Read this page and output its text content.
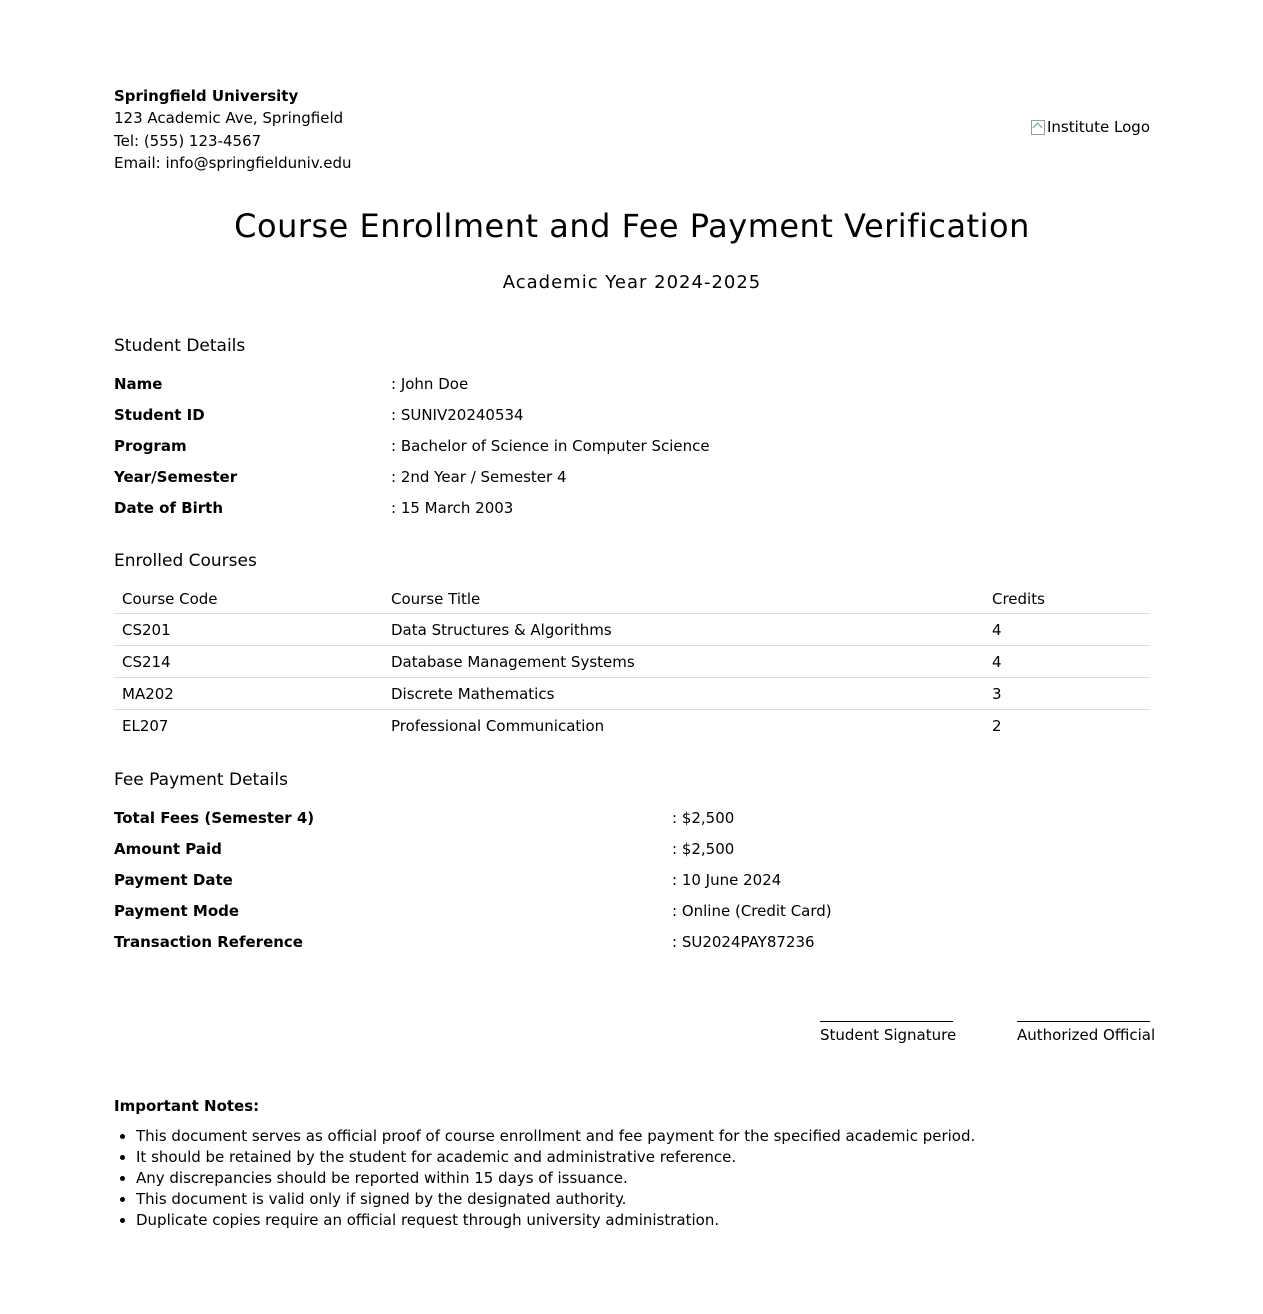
Springfield University
123 Academic Ave, Springfield
Tel: (555) 123-4567
Email: info@springfielduniv.edu
Institute Logo
Course Enrollment and Fee Payment Verification
Academic Year 2024-2025
Student Details
Name	: John Doe
Student ID	: SUNIV20240534
Program	: Bachelor of Science in Computer Science
Year/Semester	: 2nd Year / Semester 4
Date of Birth	: 15 March 2003
Enrolled Courses
Course Code	Course Title	Credits
CS201	Data Structures & Algorithms	4
CS214	Database Management Systems	4
MA202	Discrete Mathematics	3
EL207	Professional Communication	2
Fee Payment Details
Total Fees (Semester 4)	: $2,500
Amount Paid	: $2,500
Payment Date	: 10 June 2024
Payment Mode	: Online (Credit Card)
Transaction Reference	: SU2024PAY87236
Student Signature	Authorized Official
Important Notes:
• This document serves as official proof of course enrollment and fee payment for the specified academic period.
• It should be retained by the student for academic and administrative reference.
• Any discrepancies should be reported within 15 days of issuance.
• This document is valid only if signed by the designated authority.
• Duplicate copies require an official request through university administration.
